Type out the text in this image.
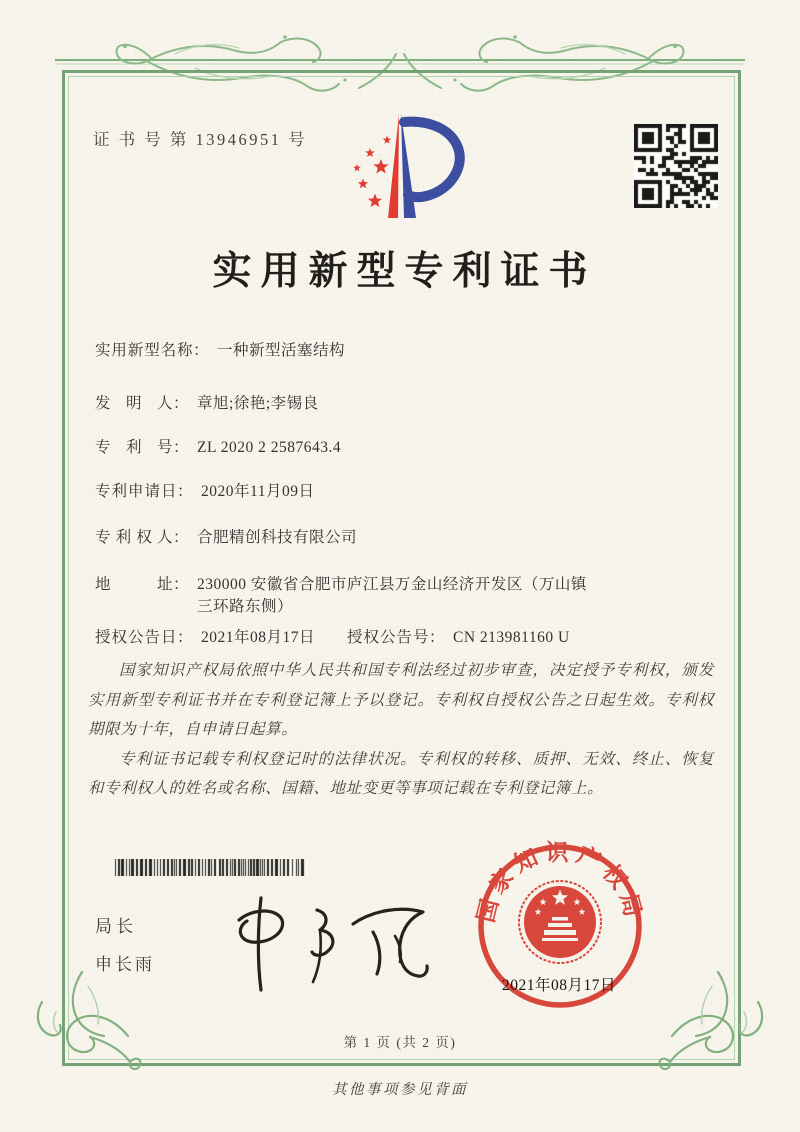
证 书 号 第 13946951 号
实用新型专利证书
实用新型名称： 一种新型活塞结构
发明人： 章旭;徐艳;李锡良
专利号： ZL 2020 2 2587643.4
专利申请日： 2020年11月09日
专利权人： 合肥精创科技有限公司
地址： 230000 安徽省合肥市庐江县万金山经济开发区（万山镇
三环路东侧）
授权公告日： 2021年08月17日 授权公告号： CN 213981160 U

国家知识产权局依照中华人民共和国专利法经过初步审查，决定授予专利权，颁发实用新型专利证书并在专利登记簿上予以登记。专利权自授权公告之日起生效。专利权期限为十年，自申请日起算。

专利证书记载专利权登记时的法律状况。专利权的转移、质押、无效、终止、恢复和专利权人的姓名或名称、国籍、地址变更等事项记载在专利登记簿上。

局长
申长雨
国家知识产权局
2021年08月17日
第 1 页 (共 2 页)
其他事项参见背面
